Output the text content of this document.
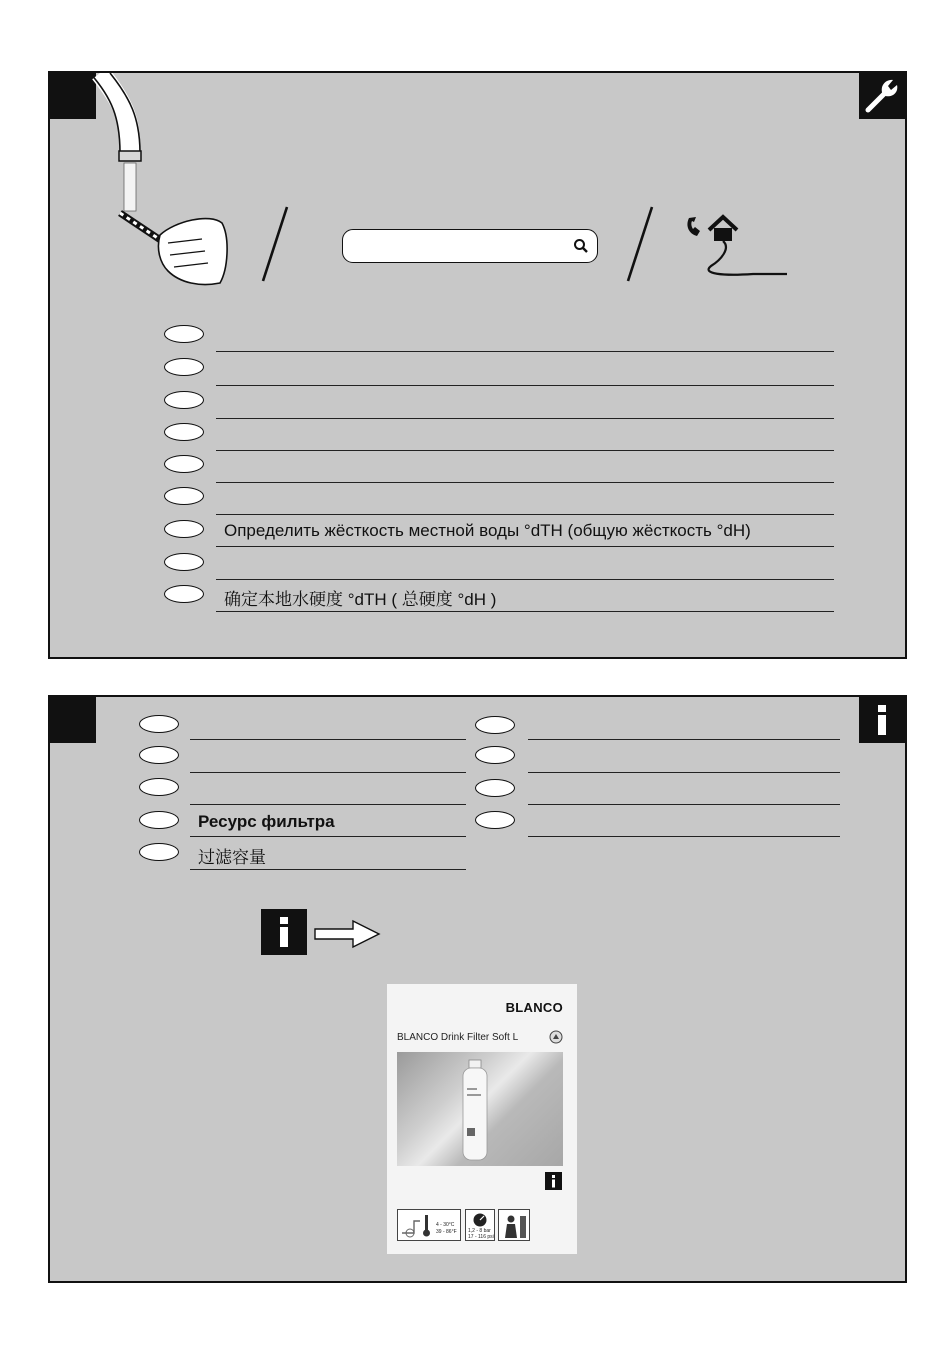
Определить жёсткость местной воды °dTH (общую жёсткость °dH)
确定本地水硬度 °dTH ( 总硬度 °dH )
Ресурс фильтра
过滤容量
BLANCO
BLANCO Drink Filter Soft L
4 - 30°C
39 - 86°F 1,2 - 8 bar
17 - 116 psi
